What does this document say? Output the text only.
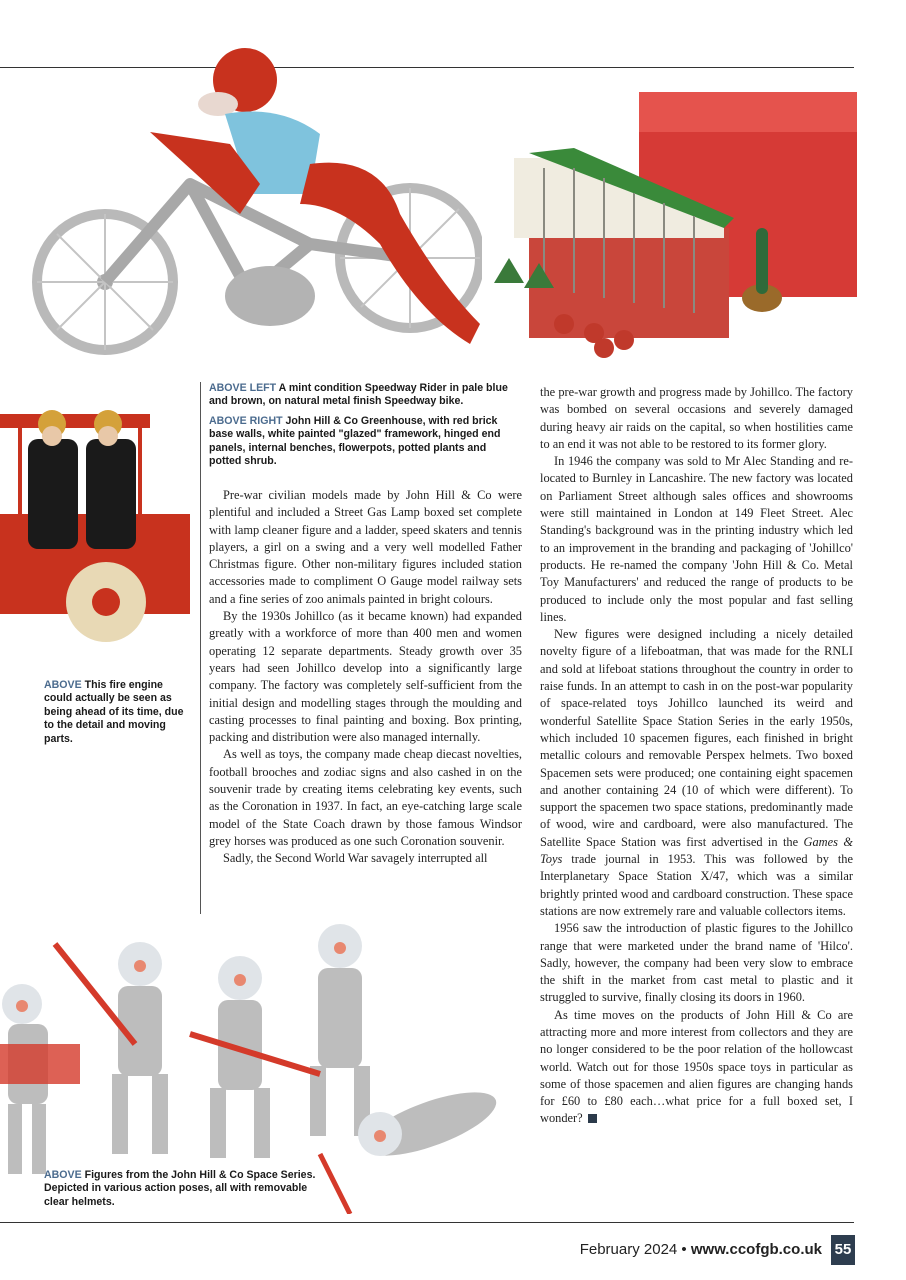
ABOVE LEFT A mint condition Speedway Rider in pale blue and brown, on natural metal finish Speedway bike.

ABOVE RIGHT John Hill & Co Greenhouse, with red brick base walls, white painted "glazed" framework, hinged end panels, internal benches, flowerpots, potted plants and potted shrub.

ABOVE This fire engine could actually be seen as being ahead of its time, due to the detail and moving parts.
ABOVE Figures from the John Hill & Co Space Series. Depicted in various action poses, all with removable clear helmets.

Pre-war civilian models made by John Hill & Co were plentiful and included a Street Gas Lamp boxed set complete with lamp cleaner figure and a ladder, speed skaters and tennis players, a girl on a swing and a very well modelled Father Christmas figure. Other non-military figures included station accessories made to compliment O Gauge model railway sets and a fine series of zoo animals painted in bright colours.

By the 1930s Johillco (as it became known) had expanded greatly with a workforce of more than 400 men and women operating 12 separate departments. Steady growth over 35 years had seen Johillco develop into a significantly large company. The factory was completely self-sufficient from the initial design and modelling stages through the moulding and casting processes to final painting and boxing. Box printing, packing and distribution were also managed internally.

As well as toys, the company made cheap diecast novelties, football brooches and zodiac signs and also cashed in on the souvenir trade by creating items celebrating key events, such as the Coronation in 1937. In fact, an eye-catching large scale model of the State Coach drawn by those famous Windsor grey horses was produced as one such Coronation souvenir.

Sadly, the Second World War savagely interrupted all

the pre-war growth and progress made by Johillco. The factory was bombed on several occasions and severely damaged during heavy air raids on the capital, so when hostilities came to an end it was not able to be restored to its former glory.

In 1946 the company was sold to Mr Alec Standing and re-located to Burnley in Lancashire. The new factory was located on Parliament Street although sales offices and showrooms were still maintained in London at 149 Fleet Street. Alec Standing's background was in the printing industry which led to an improvement in the branding and packaging of 'Johillco' products. He re-named the company 'John Hill & Co. Metal Toy Manufacturers' and reduced the range of products to be produced to include only the most popular and fast selling lines.

New figures were designed including a nicely detailed novelty figure of a lifeboatman, that was made for the RNLI and sold at lifeboat stations throughout the country in order to raise funds. In an attempt to cash in on the post-war popularity of space-related toys Johillco launched its weird and wonderful Satellite Space Station Series in the early 1950s, which included 10 spacemen figures, each finished in bright metallic colours and removable Perspex helmets. Two boxed Spacemen sets were produced; one containing eight spacemen and another containing 24 (10 of which were different). To support the spacemen two space stations, predominantly made of wood, wire and cardboard, were also manufactured. The Satellite Space Station was first advertised in the Games & Toys trade journal in 1953. This was followed by the Interplanetary Space Station X/47, which was a similar brightly printed wood and cardboard construction. These space stations are now extremely rare and valuable collectors items.

1956 saw the introduction of plastic figures to the Johillco range that were marketed under the brand name of 'Hilco'. Sadly, however, the company had been very slow to embrace the shift in the market from cast metal to plastic and it struggled to survive, finally closing its doors in 1960.

As time moves on the products of John Hill & Co are attracting more and more interest from collectors and they are no longer considered to be the poor relation of the hollowcast world. Watch out for those 1950s space toys in particular as some of those spacemen and alien figures are changing hands for £60 to £80 each…what price for a full boxed set, I wonder?

February 2024 • www.ccofgb.co.uk 55
